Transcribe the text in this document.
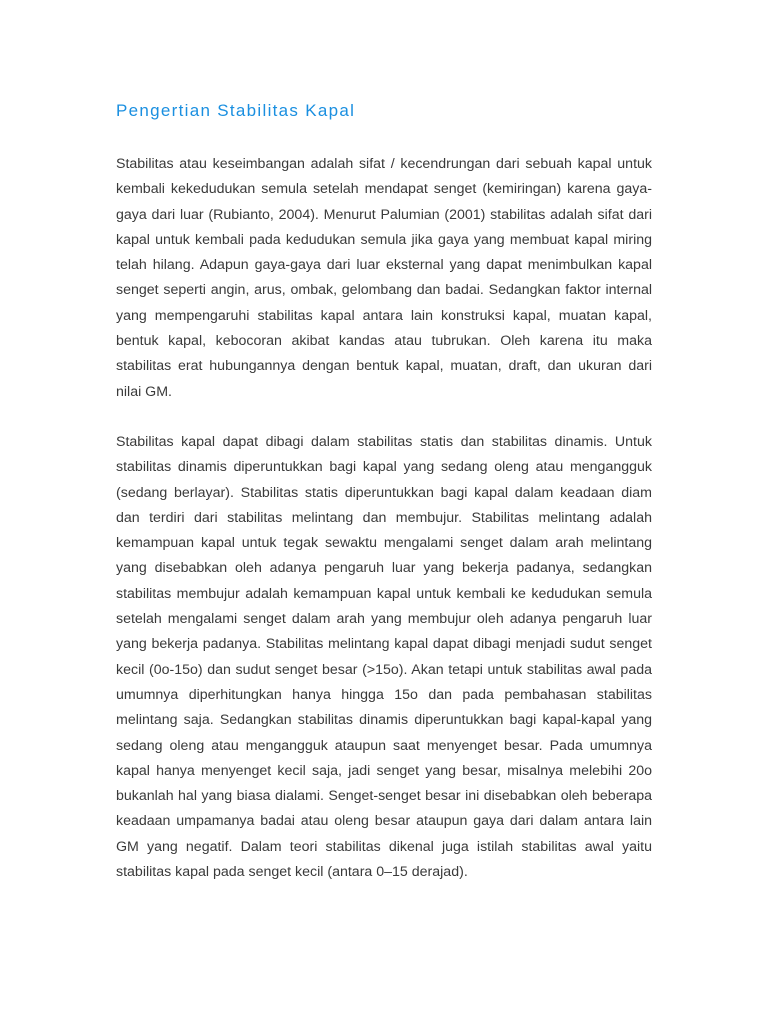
Pengertian Stabilitas Kapal

Stabilitas atau keseimbangan adalah sifat / kecendrungan dari sebuah kapal untuk kembali kekedudukan semula setelah mendapat senget (kemiringan) karena gaya-gaya dari luar (Rubianto, 2004). Menurut Palumian (2001) stabilitas adalah sifat dari kapal untuk kembali pada kedudukan semula jika gaya yang membuat kapal miring telah hilang. Adapun gaya-gaya dari luar eksternal yang dapat menimbulkan kapal senget seperti angin, arus, ombak, gelombang dan badai. Sedangkan faktor internal yang mempengaruhi stabilitas kapal antara lain konstruksi kapal, muatan kapal, bentuk kapal, kebocoran akibat kandas atau tubrukan. Oleh karena itu maka stabilitas erat hubungannya dengan bentuk kapal, muatan, draft, dan ukuran dari nilai GM.

Stabilitas kapal dapat dibagi dalam stabilitas statis dan stabilitas dinamis. Untuk stabilitas dinamis diperuntukkan bagi kapal yang sedang oleng atau mengangguk (sedang berlayar). Stabilitas statis diperuntukkan bagi kapal dalam keadaan diam dan terdiri dari stabilitas melintang dan membujur. Stabilitas melintang adalah kemampuan kapal untuk tegak sewaktu mengalami senget dalam arah melintang yang disebabkan oleh adanya pengaruh luar yang bekerja padanya, sedangkan stabilitas membujur adalah kemampuan kapal untuk kembali ke kedudukan semula setelah mengalami senget dalam arah yang membujur oleh adanya pengaruh luar yang bekerja padanya. Stabilitas melintang kapal dapat dibagi menjadi sudut senget kecil (0o-15o) dan sudut senget besar (>15o). Akan tetapi untuk stabilitas awal pada umumnya diperhitungkan hanya hingga 15o dan pada pembahasan stabilitas melintang saja. Sedangkan stabilitas dinamis diperuntukkan bagi kapal-kapal yang sedang oleng atau mengangguk ataupun saat menyenget besar. Pada umumnya kapal hanya menyenget kecil saja, jadi senget yang besar, misalnya melebihi 20o bukanlah hal yang biasa dialami. Senget-senget besar ini disebabkan oleh beberapa keadaan umpamanya badai atau oleng besar ataupun gaya dari dalam antara lain GM yang negatif. Dalam teori stabilitas dikenal juga istilah stabilitas awal yaitu stabilitas kapal pada senget kecil (antara 0–15 derajad).
